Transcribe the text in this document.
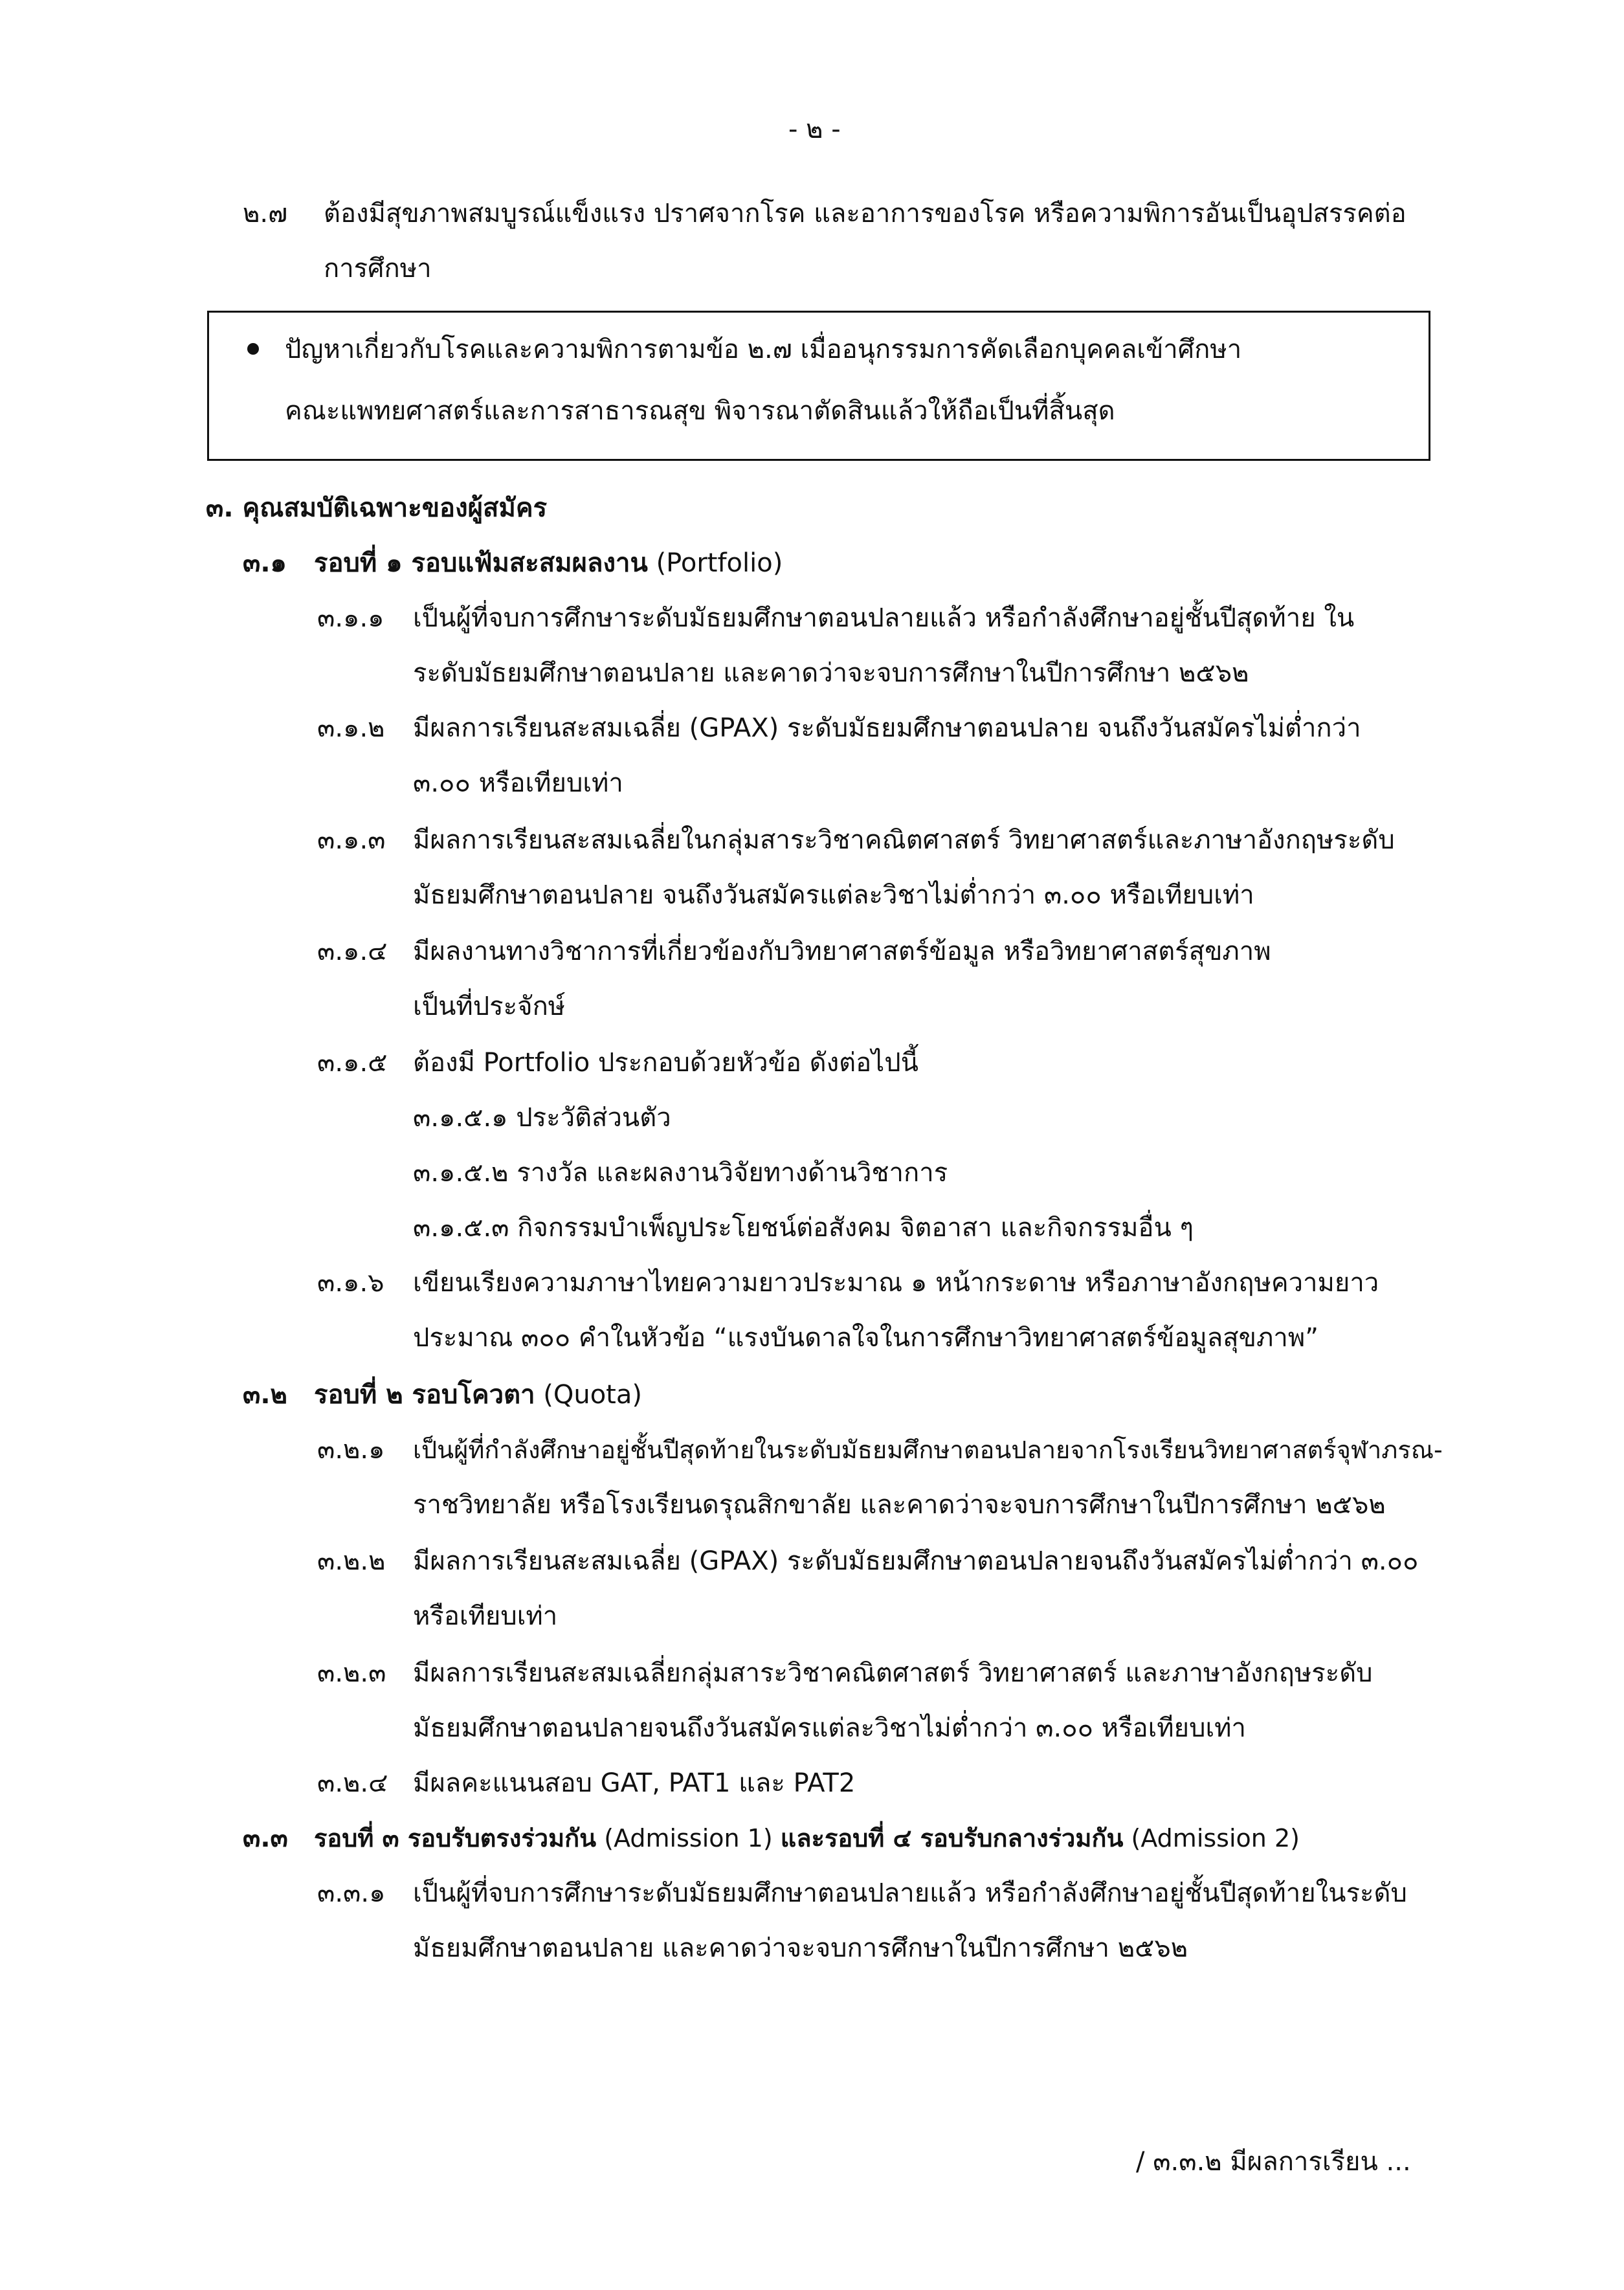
- ๒ -
๒.๗ ต้องมีสุขภาพสมบูรณ์แข็งแรง ปราศจากโรค และอาการของโรค หรือความพิการอันเป็นอุปสรรคต่อ
การศึกษา
ปัญหาเกี่ยวกับโรคและความพิการตามข้อ ๒.๗ เมื่ออนุกรรมการคัดเลือกบุคคลเข้าศึกษา
คณะแพทยศาสตร์และการสาธารณสุข พิจารณาตัดสินแล้วให้ถือเป็นที่สิ้นสุด
๓. คุณสมบัติเฉพาะของผู้สมัคร
๓.๑ รอบที่ ๑ รอบแฟ้มสะสมผลงาน (Portfolio)
๓.๑.๑ เป็นผู้ที่จบการศึกษาระดับมัธยมศึกษาตอนปลายแล้ว หรือกำลังศึกษาอยู่ชั้นปีสุดท้าย ใน
ระดับมัธยมศึกษาตอนปลาย และคาดว่าจะจบการศึกษาในปีการศึกษา ๒๕๖๒
๓.๑.๒ มีผลการเรียนสะสมเฉลี่ย (GPAX) ระดับมัธยมศึกษาตอนปลาย จนถึงวันสมัครไม่ต่ำกว่า
๓.๐๐ หรือเทียบเท่า
๓.๑.๓ มีผลการเรียนสะสมเฉลี่ยในกลุ่มสาระวิชาคณิตศาสตร์ วิทยาศาสตร์และภาษาอังกฤษระดับ
มัธยมศึกษาตอนปลาย จนถึงวันสมัครแต่ละวิชาไม่ต่ำกว่า ๓.๐๐ หรือเทียบเท่า
๓.๑.๔ มีผลงานทางวิชาการที่เกี่ยวข้องกับวิทยาศาสตร์ข้อมูล หรือวิทยาศาสตร์สุขภาพ
เป็นที่ประจักษ์
๓.๑.๕ ต้องมี Portfolio ประกอบด้วยหัวข้อ ดังต่อไปนี้
๓.๑.๕.๑ ประวัติส่วนตัว
๓.๑.๕.๒ รางวัล และผลงานวิจัยทางด้านวิชาการ
๓.๑.๕.๓ กิจกรรมบำเพ็ญประโยชน์ต่อสังคม จิตอาสา และกิจกรรมอื่น ๆ
๓.๑.๖ เขียนเรียงความภาษาไทยความยาวประมาณ ๑ หน้ากระดาษ หรือภาษาอังกฤษความยาว
ประมาณ ๓๐๐ คำในหัวข้อ “แรงบันดาลใจในการศึกษาวิทยาศาสตร์ข้อมูลสุขภาพ”
๓.๒ รอบที่ ๒ รอบโควตา (Quota)
๓.๒.๑ เป็นผู้ที่กำลังศึกษาอยู่ชั้นปีสุดท้ายในระดับมัธยมศึกษาตอนปลายจากโรงเรียนวิทยาศาสตร์จุฬาภรณ-
ราชวิทยาลัย หรือโรงเรียนดรุณสิกขาลัย และคาดว่าจะจบการศึกษาในปีการศึกษา ๒๕๖๒
๓.๒.๒ มีผลการเรียนสะสมเฉลี่ย (GPAX) ระดับมัธยมศึกษาตอนปลายจนถึงวันสมัครไม่ต่ำกว่า ๓.๐๐
หรือเทียบเท่า
๓.๒.๓ มีผลการเรียนสะสมเฉลี่ยกลุ่มสาระวิชาคณิตศาสตร์ วิทยาศาสตร์ และภาษาอังกฤษระดับ
มัธยมศึกษาตอนปลายจนถึงวันสมัครแต่ละวิชาไม่ต่ำกว่า ๓.๐๐ หรือเทียบเท่า
๓.๒.๔ มีผลคะแนนสอบ GAT, PAT1 และ PAT2
๓.๓ รอบที่ ๓ รอบรับตรงร่วมกัน (Admission 1) และรอบที่ ๔ รอบรับกลางร่วมกัน (Admission 2)
๓.๓.๑ เป็นผู้ที่จบการศึกษาระดับมัธยมศึกษาตอนปลายแล้ว หรือกำลังศึกษาอยู่ชั้นปีสุดท้ายในระดับ
มัธยมศึกษาตอนปลาย และคาดว่าจะจบการศึกษาในปีการศึกษา ๒๕๖๒
/ ๓.๓.๒ มีผลการเรียน ...
